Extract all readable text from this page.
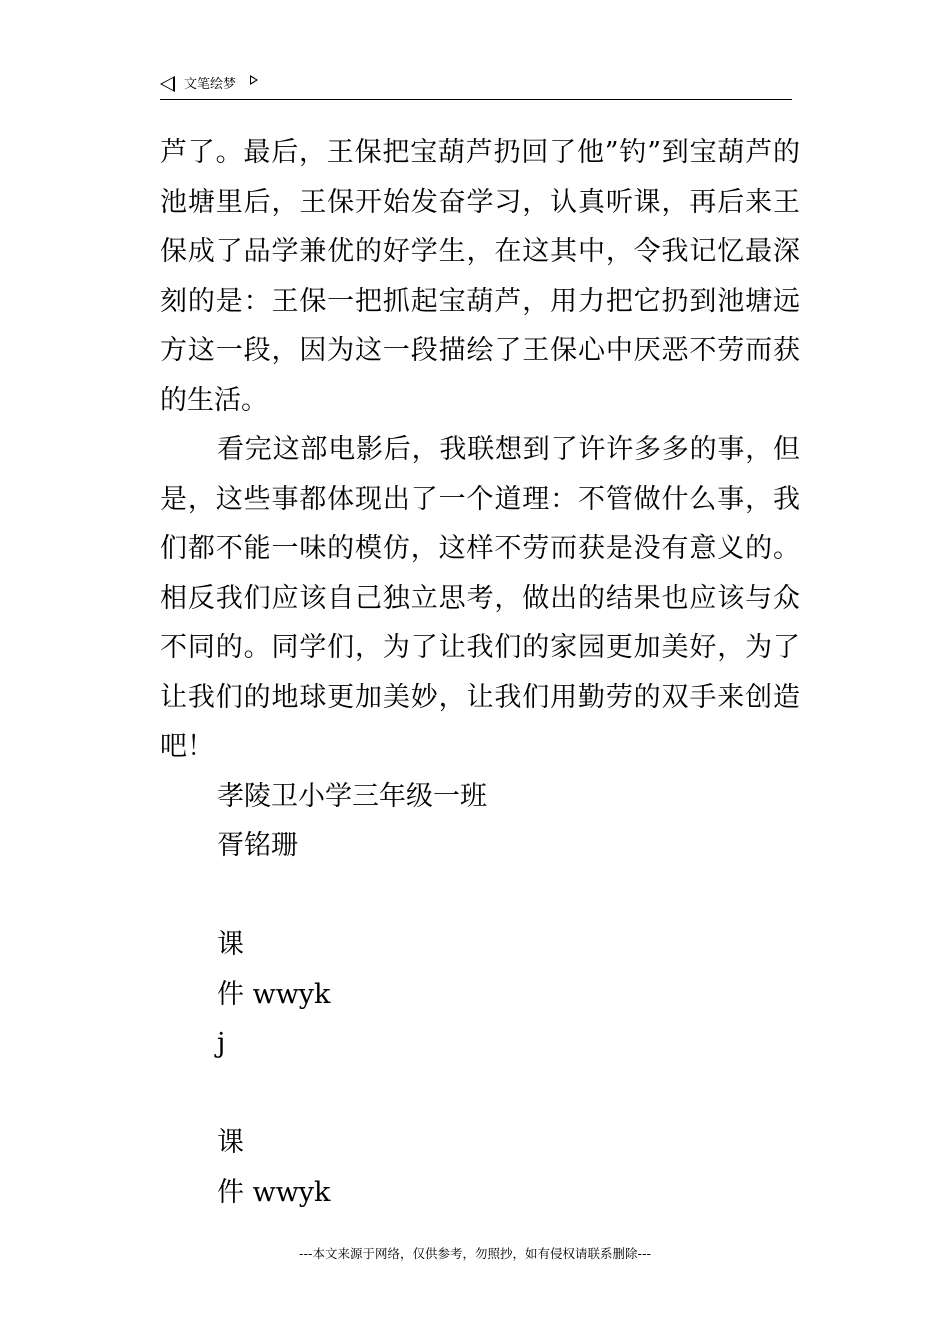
文笔绘梦

芦了。最后，王保把宝葫芦扔回了他”钓”到宝葫芦的池塘里后，王保开始发奋学习，认真听课，再后来王保成了品学兼优的好学生，在这其中，令我记忆最深刻的是：王保一把抓起宝葫芦，用力把它扔到池塘远方这一段，因为这一段描绘了王保心中厌恶不劳而获的生活。

看完这部电影后，我联想到了许许多多的事，但是，这些事都体现出了一个道理：不管做什么事，我们都不能一味的模仿，这样不劳而获是没有意义的。相反我们应该自己独立思考，做出的结果也应该与众不同的。同学们，为了让我们的家园更加美好，为了让我们的地球更加美妙，让我们用勤劳的双手来创造吧！

孝陵卫小学三年级一班

胥铭珊

课

件 wwyk

j

课

件 wwyk

---本文来源于网络，仅供参考，勿照抄，如有侵权请联系删除---
